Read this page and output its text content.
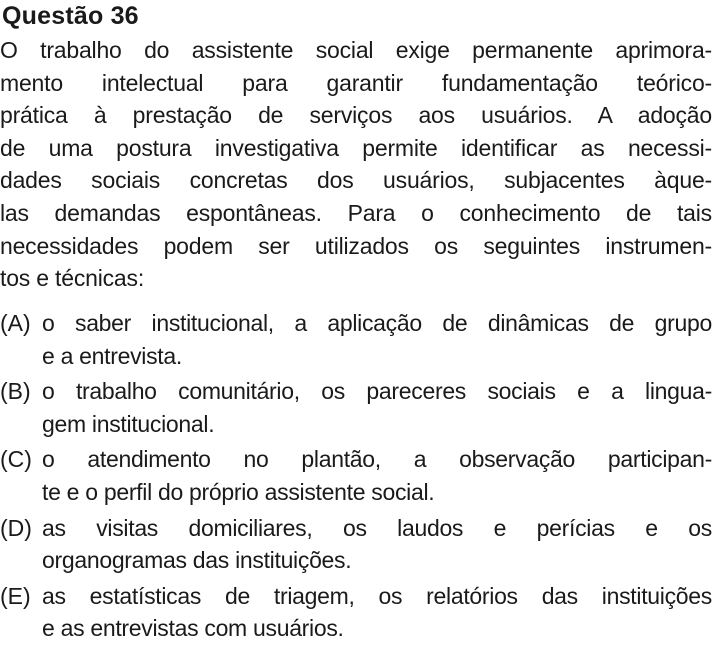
Questão 36
O trabalho do assistente social exige permanente aprimora-
mento intelectual para garantir fundamentação teórico-
prática à prestação de serviços aos usuários. A adoção
de uma postura investigativa permite identificar as necessi-
dades sociais concretas dos usuários, subjacentes àque-
las demandas espontâneas. Para o conhecimento de tais
necessidades podem ser utilizados os seguintes instrumen-
tos e técnicas:
(A) o saber institucional, a aplicação de dinâmicas de grupo
e a entrevista.
(B) o trabalho comunitário, os pareceres sociais e a lingua-
gem institucional.
(C) o atendimento no plantão, a observação participan-
te e o perfil do próprio assistente social.
(D) as visitas domiciliares, os laudos e perícias e os
organogramas das instituições.
(E) as estatísticas de triagem, os relatórios das instituições
e as entrevistas com usuários.
